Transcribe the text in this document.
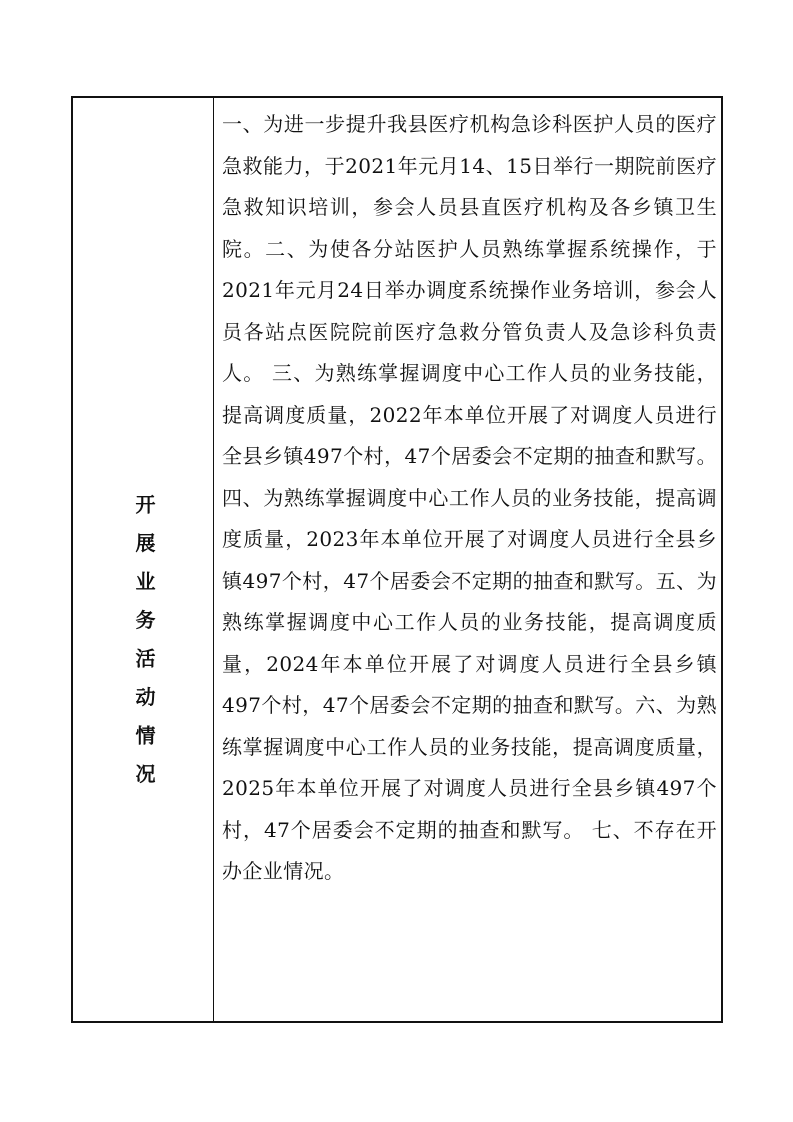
开展业务活动情况

一、为进一步提升我县医疗机构急诊科医护人员的医疗急救能力，于2021年元月14、15日举行一期院前医疗急救知识培训，参会人员县直医疗机构及各乡镇卫生院。二、为使各分站医护人员熟练掌握系统操作，于2021年元月24日举办调度系统操作业务培训，参会人员各站点医院院前医疗急救分管负责人及急诊科负责人。 三、为熟练掌握调度中心工作人员的业务技能，提高调度质量，2022年本单位开展了对调度人员进行全县乡镇497个村，47个居委会不定期的抽查和默写。四、为熟练掌握调度中心工作人员的业务技能，提高调度质量，2023年本单位开展了对调度人员进行全县乡镇497个村，47个居委会不定期的抽查和默写。五、为熟练掌握调度中心工作人员的业务技能，提高调度质量，2024年本单位开展了对调度人员进行全县乡镇497个村，47个居委会不定期的抽查和默写。六、为熟练掌握调度中心工作人员的业务技能，提高调度质量，2025年本单位开展了对调度人员进行全县乡镇497个村，47个居委会不定期的抽查和默写。 七、不存在开办企业情况。
